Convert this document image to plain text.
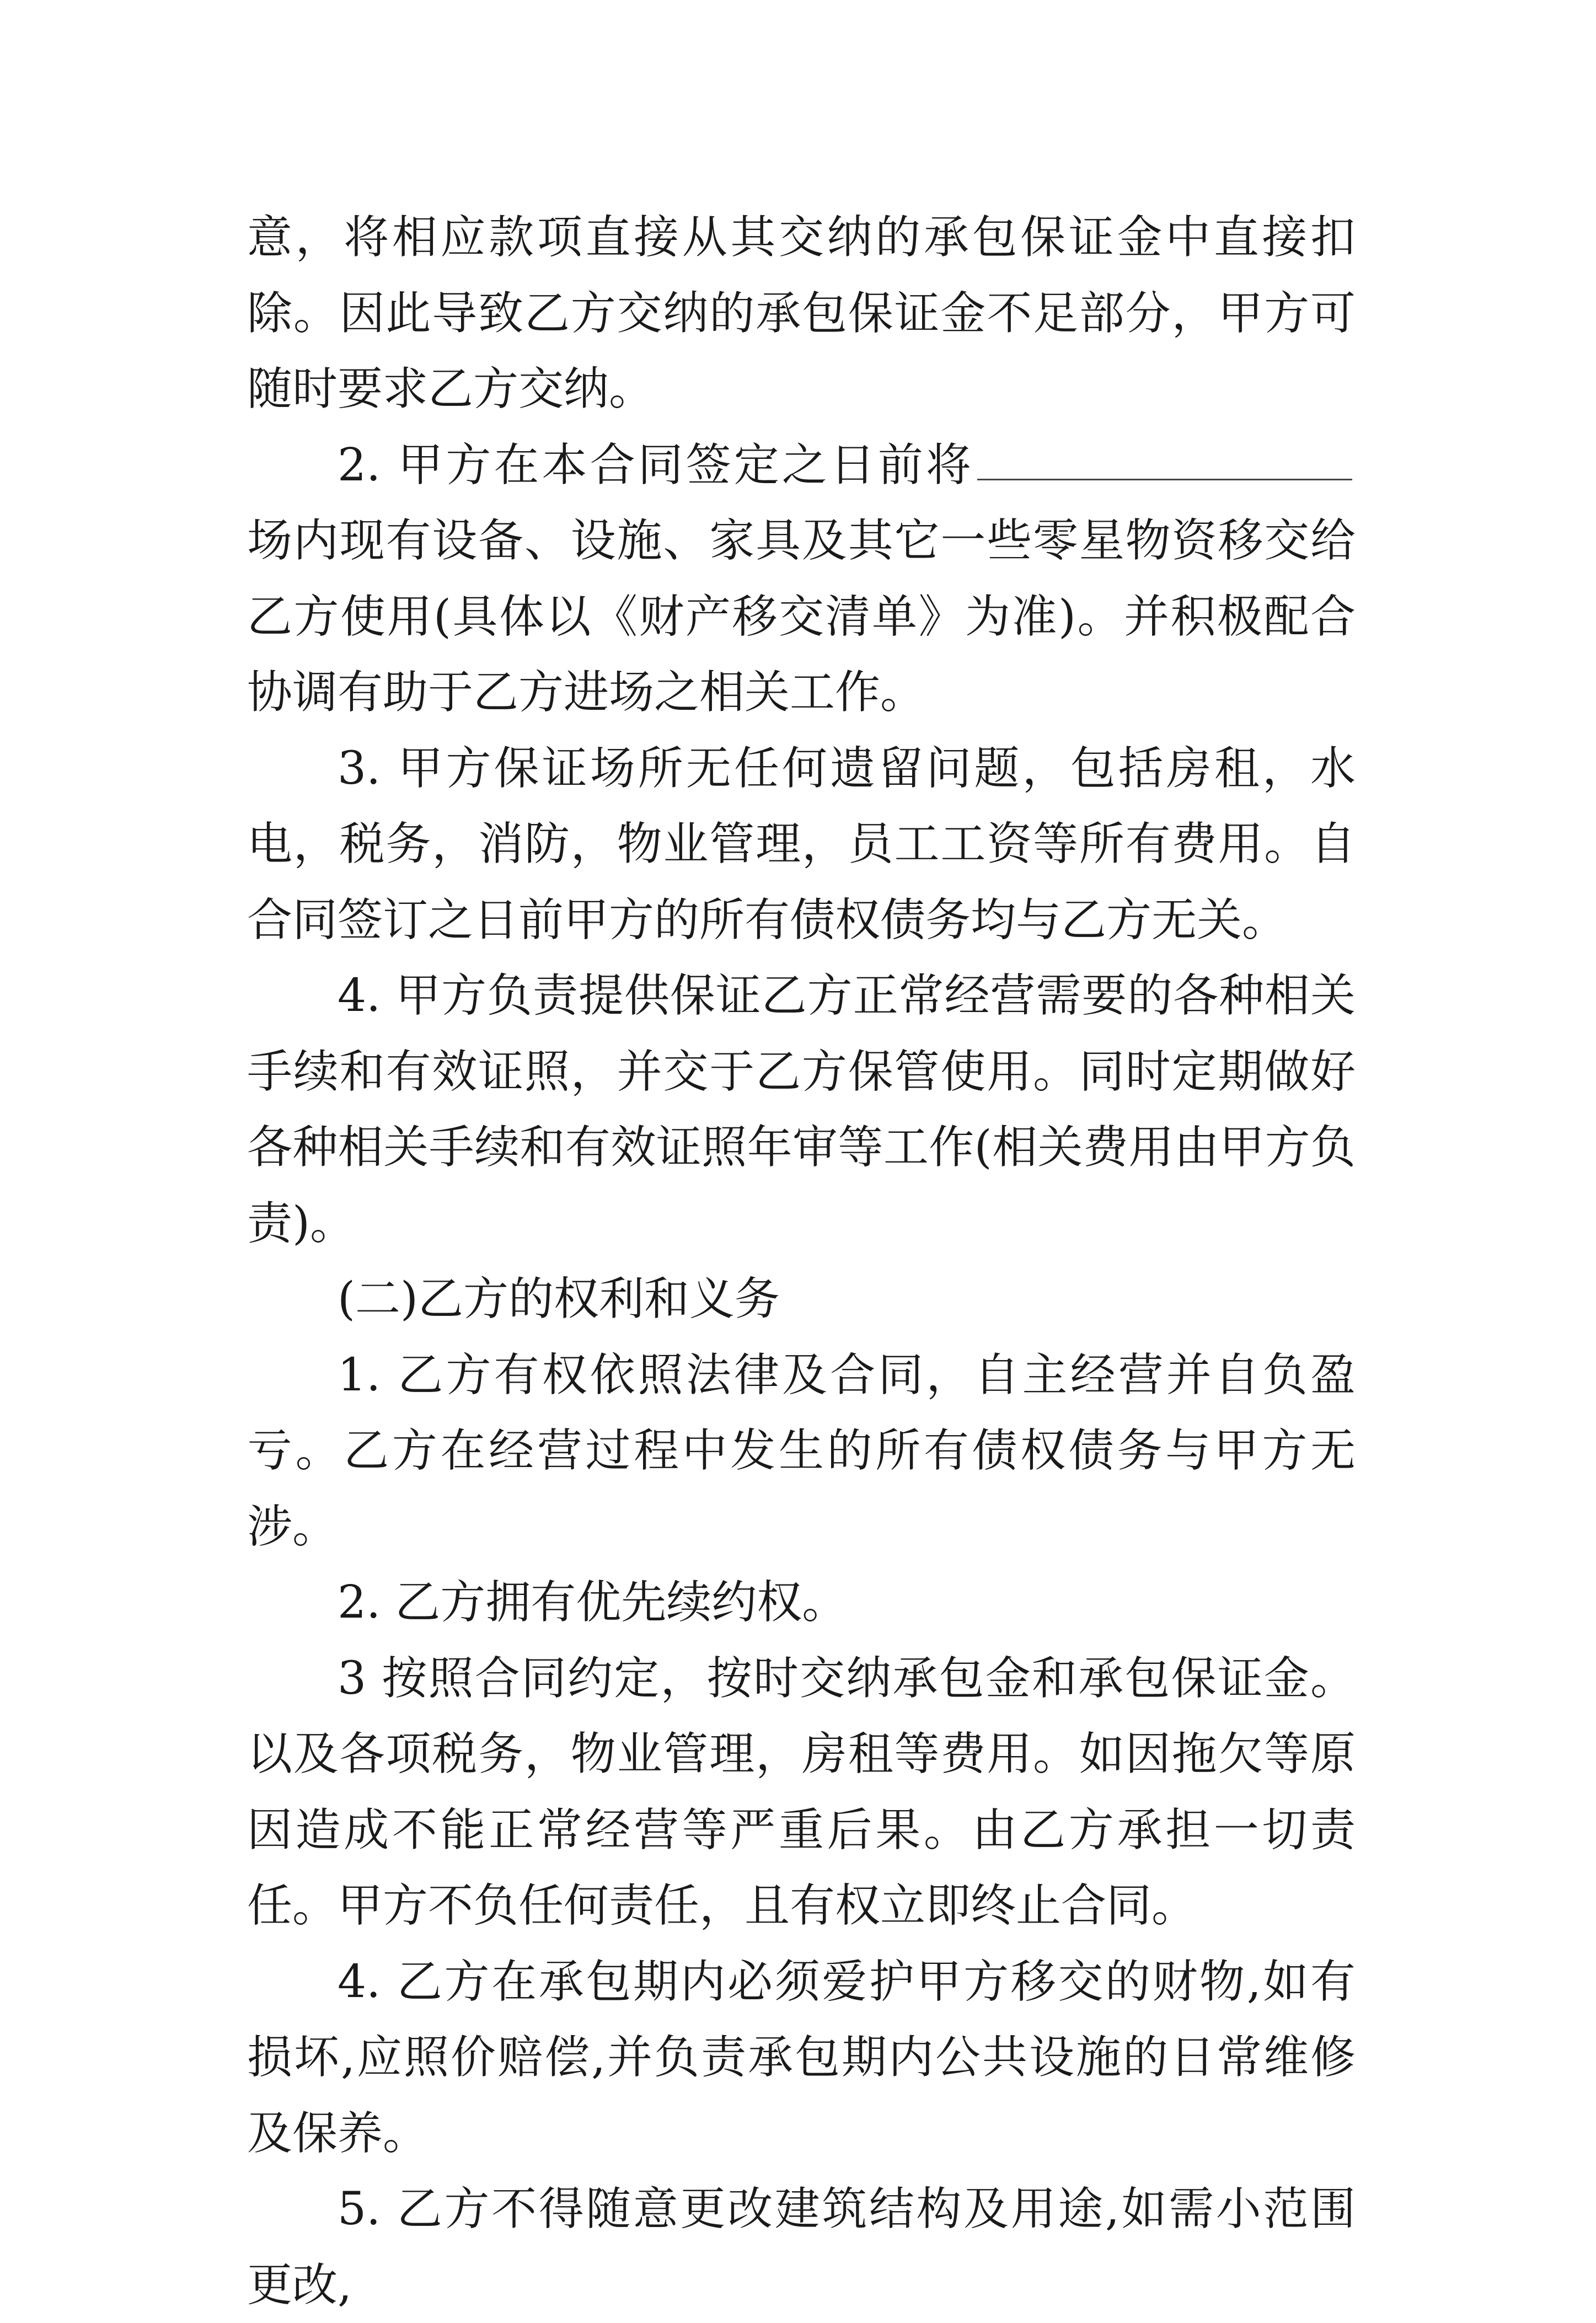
意，将相应款项直接从其交纳的承包保证金中直接扣除。因此导致乙方交纳的承包保证金不足部分，甲方可随时要求乙方交纳。

2. 甲方在本合同签定之日前将场内现有设备、设施、家具及其它一些零星物资移交给乙方使用(具体以《财产移交清单》为准)。并积极配合协调有助于乙方进场之相关工作。

3. 甲方保证场所无任何遗留问题，包括房租，水电，税务，消防，物业管理，员工工资等所有费用。自合同签订之日前甲方的所有债权债务均与乙方无关。

4. 甲方负责提供保证乙方正常经营需要的各种相关手续和有效证照，并交于乙方保管使用。同时定期做好各种相关手续和有效证照年审等工作(相关费用由甲方负责)。

(二)乙方的权利和义务

1. 乙方有权依照法律及合同，自主经营并自负盈亏。乙方在经营过程中发生的所有债权债务与甲方无涉。

2. 乙方拥有优先续约权。

3 按照合同约定，按时交纳承包金和承包保证金。以及各项税务，物业管理，房租等费用。如因拖欠等原因造成不能正常经营等严重后果。由乙方承担一切责任。甲方不负任何责任，且有权立即终止合同。

4. 乙方在承包期内必须爱护甲方移交的财物,如有损坏,应照价赔偿,并负责承包期内公共设施的日常维修及保养。

5. 乙方不得随意更改建筑结构及用途,如需小范围更改,
